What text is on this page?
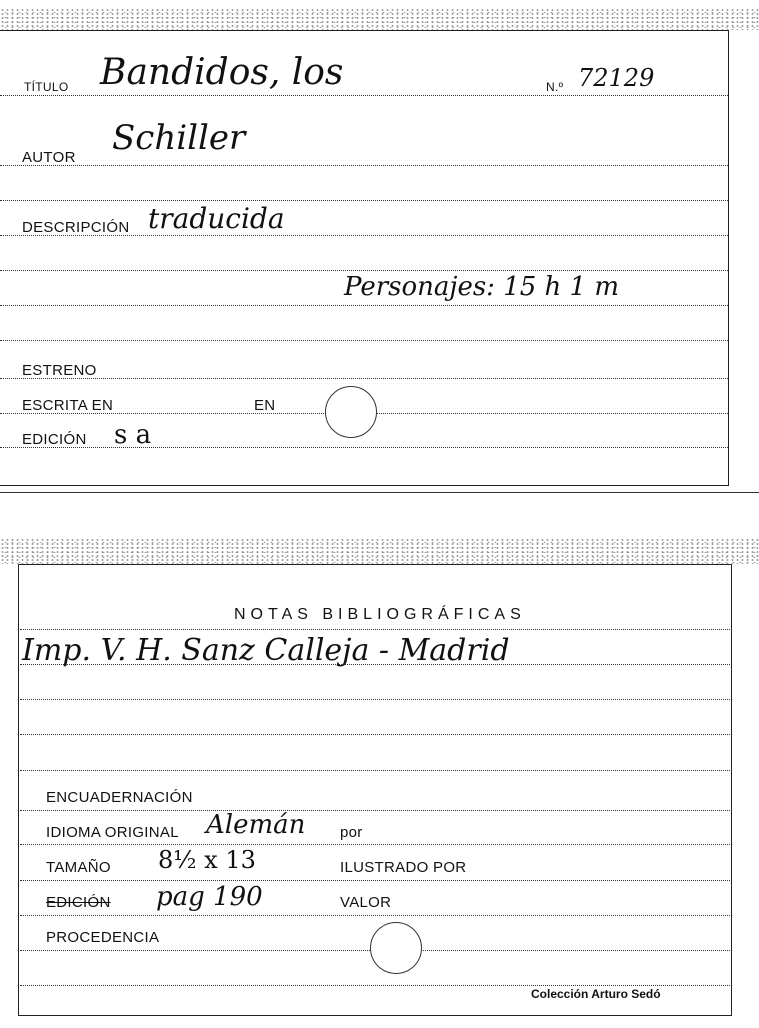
TÍTULO Bandidos, los	N.º 72129
AUTOR Schiller
DESCRIPCIÓN traducida
Personajes: 15 h 1 m
ESTRENO
ESCRITA EN	EN
EDICIÓN s a
NOTAS BIBLIOGRÁFICAS
Imp. V. H. Sanz Calleja - Madrid
ENCUADERNACIÓN
IDIOMA ORIGINAL Alemán por
TAMAÑO 8½ x 13	ILUSTRADO POR
EDICIÓN pag 190	VALOR
PROCEDENCIA
Colección Arturo Sedó
